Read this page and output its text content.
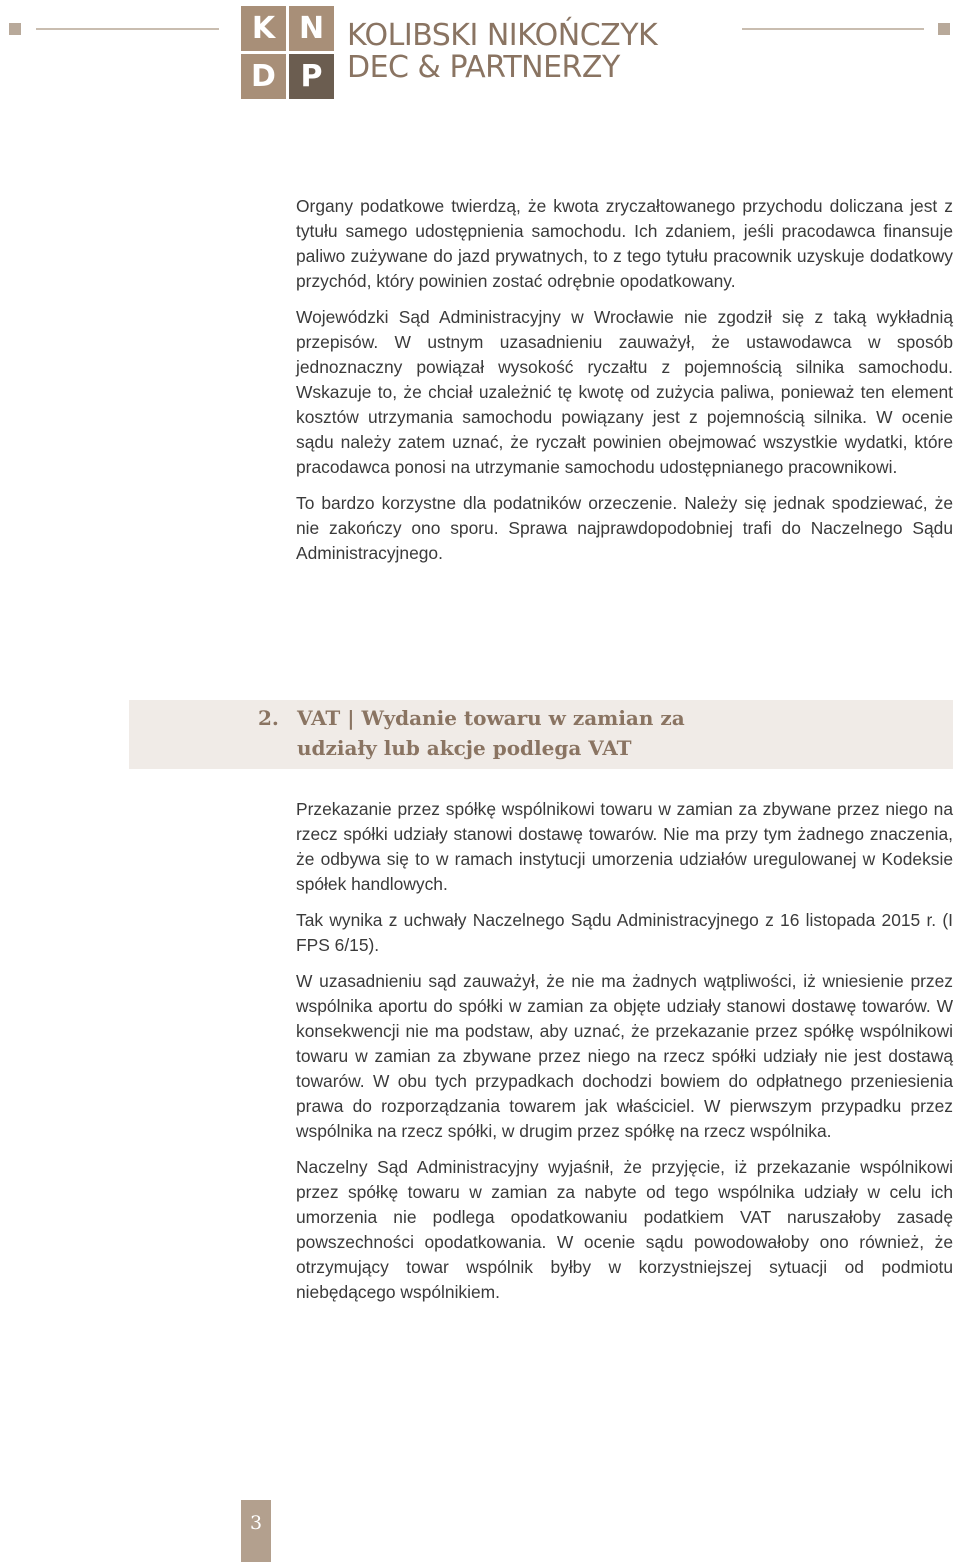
K N
D P
KOLIBSKI NIKOŃCZYK
DEC & PARTNERZY

Organy podatkowe twierdzą, że kwota zryczałtowanego przychodu doliczana jest z tytułu samego udostępnienia samochodu. Ich zdaniem, jeśli pracodawca finansuje paliwo zużywane do jazd prywatnych, to z tego tytułu pracownik uzyskuje dodatkowy przychód, który powinien zostać odrębnie opodatkowany.

Wojewódzki Sąd Administracyjny w Wrocławie nie zgodził się z taką wykładnią przepisów. W ustnym uzasadnieniu zauważył, że ustawodawca w sposób jednoznaczny powiązał wysokość ryczałtu z pojemnością silnika samochodu. Wskazuje to, że chciał uzależnić tę kwotę od zużycia paliwa, ponieważ ten element kosztów utrzymania samochodu powiązany jest z pojemnością silnika. W ocenie sądu należy zatem uznać, że ryczałt powinien obejmować wszystkie wydatki, które pracodawca ponosi na utrzymanie samochodu udostępnianego pracownikowi.

To bardzo korzystne dla podatników orzeczenie. Należy się jednak spodziewać, że nie zakończy ono sporu. Sprawa najprawdopodobniej trafi do Naczelnego Sądu Administracyjnego.

2. VAT | Wydanie towaru w zamian za udziały lub akcje podlega VAT

Przekazanie przez spółkę wspólnikowi towaru w zamian za zbywane przez niego na rzecz spółki udziały stanowi dostawę towarów. Nie ma przy tym żadnego znaczenia, że odbywa się to w ramach instytucji umorzenia udziałów uregulowanej w Kodeksie spółek handlowych.

Tak wynika z uchwały Naczelnego Sądu Administracyjnego z 16 listopada 2015 r. (I FPS 6/15).

W uzasadnieniu sąd zauważył, że nie ma żadnych wątpliwości, iż wniesienie przez wspólnika aportu do spółki w zamian za objęte udziały stanowi dostawę towarów. W konsekwencji nie ma podstaw, aby uznać, że przekazanie przez spółkę wspólnikowi towaru w zamian za zbywane przez niego na rzecz spółki udziały nie jest dostawą towarów. W obu tych przypadkach dochodzi bowiem do odpłatnego przeniesienia prawa do rozporządzania towarem jak właściciel. W pierwszym przypadku przez wspólnika na rzecz spółki, w drugim przez spółkę na rzecz wspólnika.

Naczelny Sąd Administracyjny wyjaśnił, że przyjęcie, iż przekazanie wspólnikowi przez spółkę towaru w zamian za nabyte od tego wspólnika udziały w celu ich umorzenia nie podlega opodatkowaniu podatkiem VAT naruszałoby zasadę powszechności opodatkowania. W ocenie sądu powodowałoby ono również, że otrzymujący towar wspólnik byłby w korzystniejszej sytuacji od podmiotu niebędącego wspólnikiem.

3
